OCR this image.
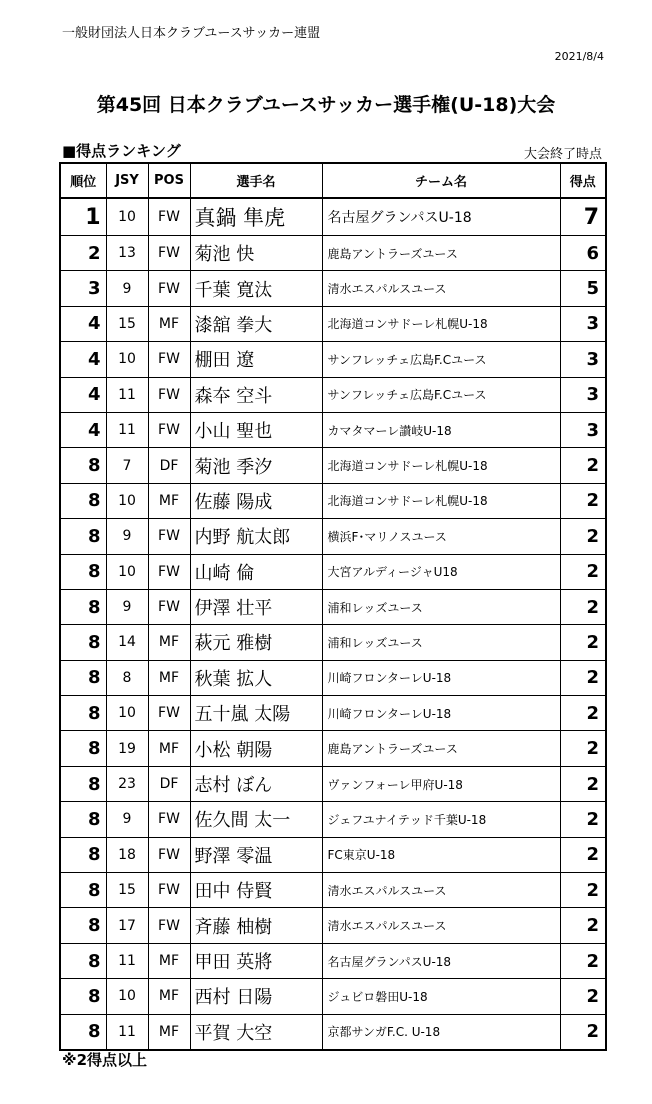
一般財団法人日本クラブユースサッカー連盟
2021/8/4
第45回 日本クラブユースサッカー選手権(U-18)大会
■得点ランキング	大会終了時点
順位	JSY	POS	選手名	チーム名	得点
1	10	FW	真鍋 隼虎	名古屋グランパスU-18	7
2	13	FW	菊池 快	鹿島アントラーズユース	6
3	9	FW	千葉 寛汰	清水エスパルスユース	5
4	15	MF	漆舘 拳大	北海道コンサドーレ札幌U-18	3
4	10	FW	棚田 遼	サンフレッチェ広島F.Cユース	3
4	11	FW	森夲 空斗	サンフレッチェ広島F.Cユース	3
4	11	FW	小山 聖也	カマタマーレ讃岐U-18	3
8	7	DF	菊池 季汐	北海道コンサドーレ札幌U-18	2
8	10	MF	佐藤 陽成	北海道コンサドーレ札幌U-18	2
8	9	FW	内野 航太郎	横浜F･マリノスユース	2
8	10	FW	山崎 倫	大宮アルディージャU18	2
8	9	FW	伊澤 壮平	浦和レッズユース	2
8	14	MF	萩元 雅樹	浦和レッズユース	2
8	8	MF	秋葉 拡人	川崎フロンターレU-18	2
8	10	FW	五十嵐 太陽	川崎フロンターレU-18	2
8	19	MF	小松 朝陽	鹿島アントラーズユース	2
8	23	DF	志村 ぼん	ヴァンフォーレ甲府U-18	2
8	9	FW	佐久間 太一	ジェフユナイテッド千葉U-18	2
8	18	FW	野澤 零温	FC東京U-18	2
8	15	FW	田中 侍賢	清水エスパルスユース	2
8	17	FW	斉藤 柚樹	清水エスパルスユース	2
8	11	MF	甲田 英將	名古屋グランパスU-18	2
8	10	MF	西村 日陽	ジュビロ磐田U-18	2
8	11	MF	平賀 大空	京都サンガF.C. U-18	2
※2得点以上
